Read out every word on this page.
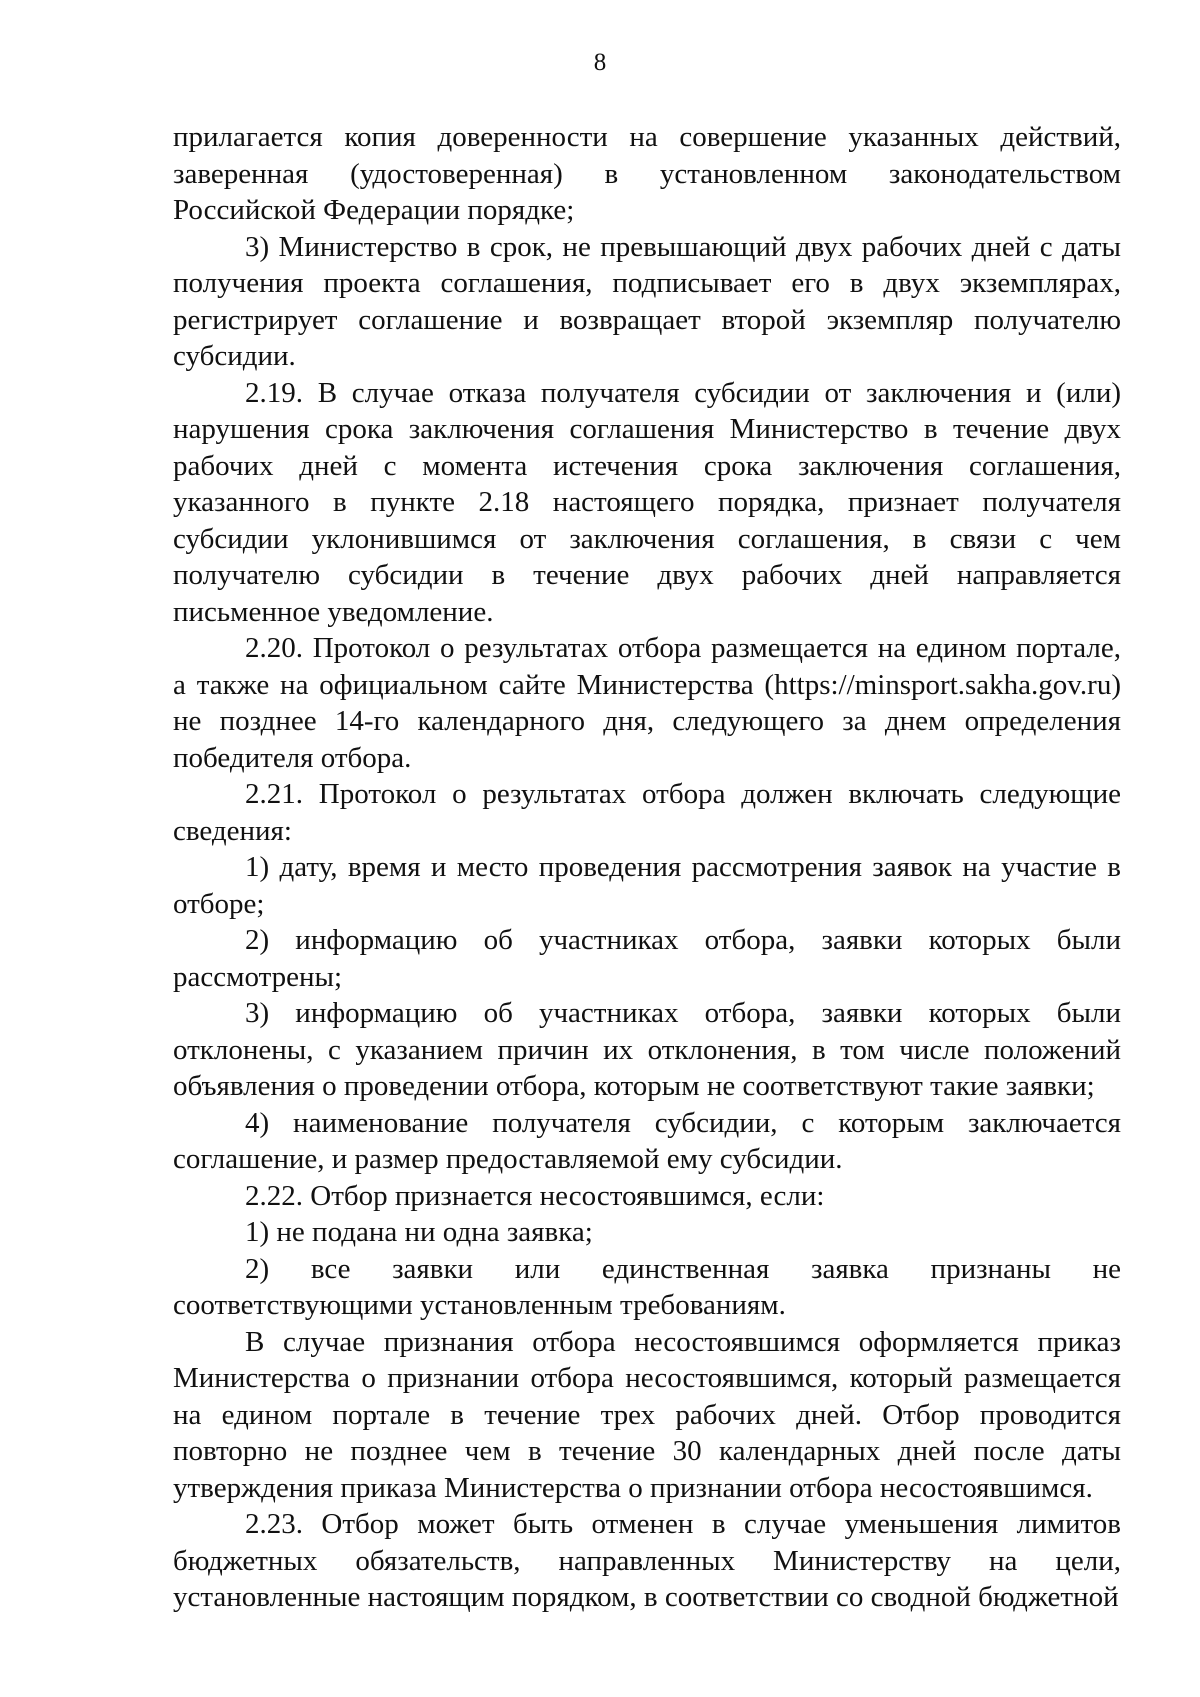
8

прилагается копия доверенности на совершение указанных действий, заверенная (удостоверенная) в установленном законодательством Российской Федерации порядке;

3) Министерство в срок, не превышающий двух рабочих дней с даты получения проекта соглашения, подписывает его в двух экземплярах, регистрирует соглашение и возвращает второй экземпляр получателю субсидии.

2.19. В случае отказа получателя субсидии от заключения и (или) нарушения срока заключения соглашения Министерство в течение двух рабочих дней с момента истечения срока заключения соглашения, указанного в пункте 2.18 настоящего порядка, признает получателя субсидии уклонившимся от заключения соглашения, в связи с чем получателю субсидии в течение двух рабочих дней направляется письменное уведомление.

2.20. Протокол о результатах отбора размещается на едином портале, а также на официальном сайте Министерства (https://minsport.sakha.gov.ru) не позднее 14-го календарного дня, следующего за днем определения победителя отбора.

2.21. Протокол о результатах отбора должен включать следующие сведения:

1) дату, время и место проведения рассмотрения заявок на участие в отборе;

2) информацию об участниках отбора, заявки которых были рассмотрены;

3) информацию об участниках отбора, заявки которых были отклонены, с указанием причин их отклонения, в том числе положений объявления о проведении отбора, которым не соответствуют такие заявки;

4) наименование получателя субсидии, с которым заключается соглашение, и размер предоставляемой ему субсидии.

2.22. Отбор признается несостоявшимся, если:

1) не подана ни одна заявка;

2) все заявки или единственная заявка признаны не соответствующими установленным требованиям.

В случае признания отбора несостоявшимся оформляется приказ Министерства о признании отбора несостоявшимся, который размещается на едином портале в течение трех рабочих дней. Отбор проводится повторно не позднее чем в течение 30 календарных дней после даты утверждения приказа Министерства о признании отбора несостоявшимся.

2.23. Отбор может быть отменен в случае уменьшения лимитов бюджетных обязательств, направленных Министерству на цели, установленные настоящим порядком, в соответствии со сводной бюджетной
